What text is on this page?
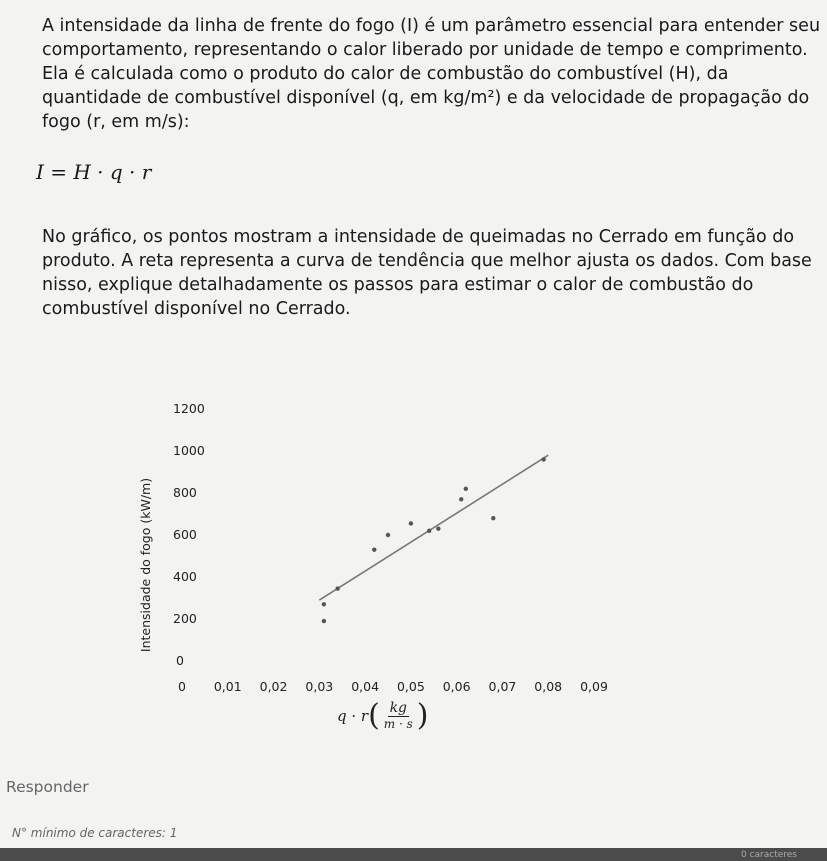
A intensidade da linha de frente do fogo (I) é um parâmetro essencial para entender seu comportamento, representando o calor liberado por unidade de tempo e comprimento. Ela é calculada como o produto do calor de combustão do combustível (H), da quantidade de combustível disponível (q, em kg/m²) e da velocidade de propagação do fogo (r, em m/s):

I = H · q · r

No gráfico, os pontos mostram a intensidade de queimadas no Cerrado em função do produto. A reta representa a curva de tendência que melhor ajusta os dados. Com base nisso, explique detalhadamente os passos para estimar o calor de combustão do combustível disponível no Cerrado.

Intensidade do fogo (kW/m)
0
200
400
600
800
1000
1200
0 0,01 0,02 0,03 0,04 0,05 0,06 0,07 0,08 0,09
q · r ( $\frac{kg}{m \cdot s}$ )
Responder
N° mínimo de caracteres: 1
0 caracteres
